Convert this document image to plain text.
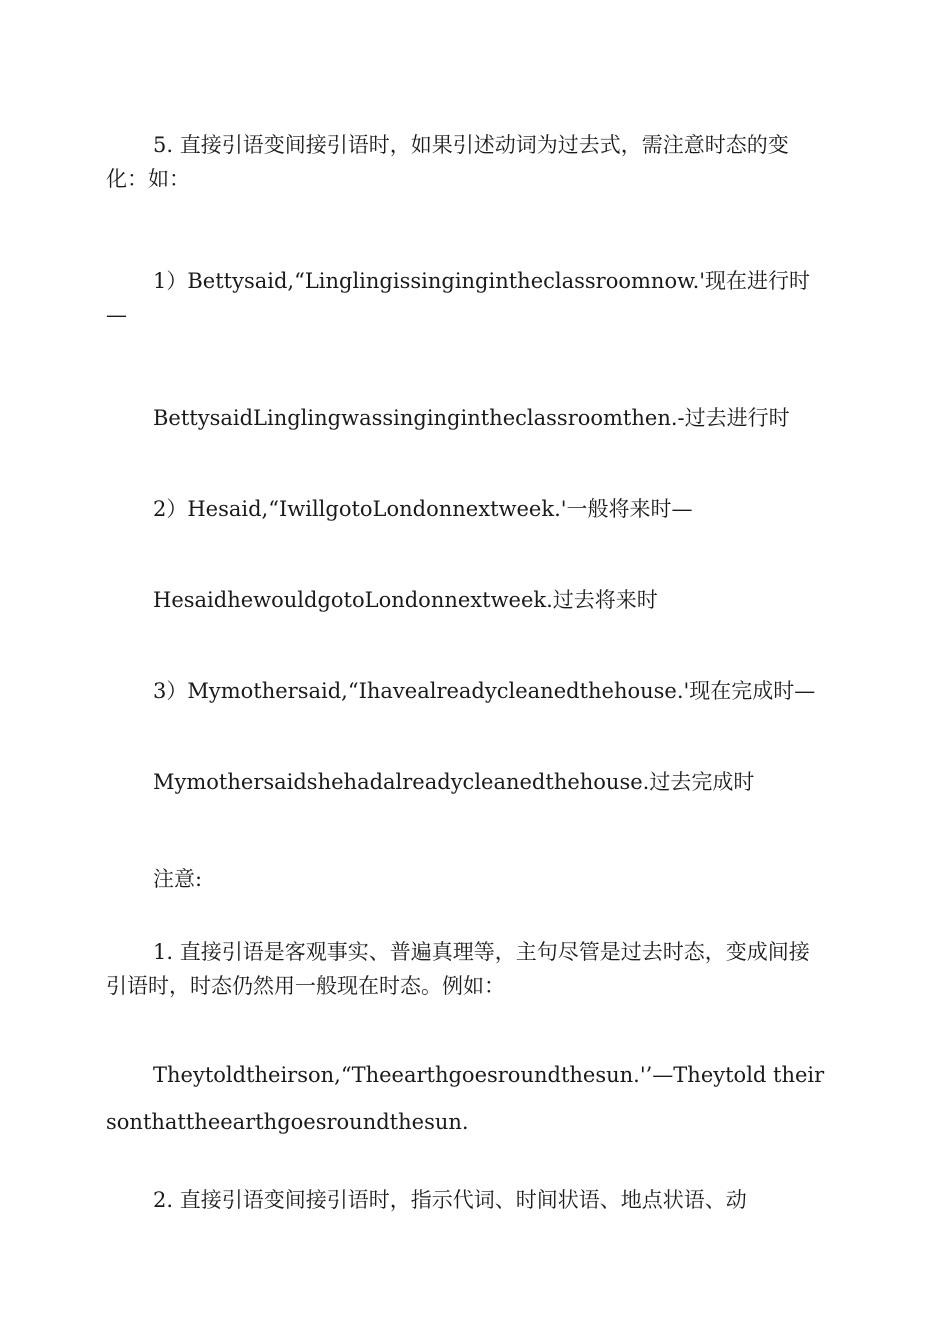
5. 直接引语变间接引语时，如果引述动词为过去式，需注意时态的变化：如：

1）Bettysaid,“Linglingissingingintheclassroomnow.'现在进行时—

BettysaidLinglingwassingingintheclassroomthen.-过去进行时

2）Hesaid,“IwillgotoLondonnextweek.'一般将来时—

HesaidhewouldgotoLondonnextweek.过去将来时

3）Mymothersaid,“Ihavealreadycleanedthehouse.'现在完成时—

Mymothersaidshehadalreadycleanedthehouse.过去完成时

注意:

1. 直接引语是客观事实、普遍真理等，主句尽管是过去时态，变成间接引语时，时态仍然用一般现在时态。例如：

Theytoldtheirson,“Theearthgoesroundthesun.'’—Theytold theirsonthattheearthgoesroundthesun.

2. 直接引语变间接引语时，指示代词、时间状语、地点状语、动
